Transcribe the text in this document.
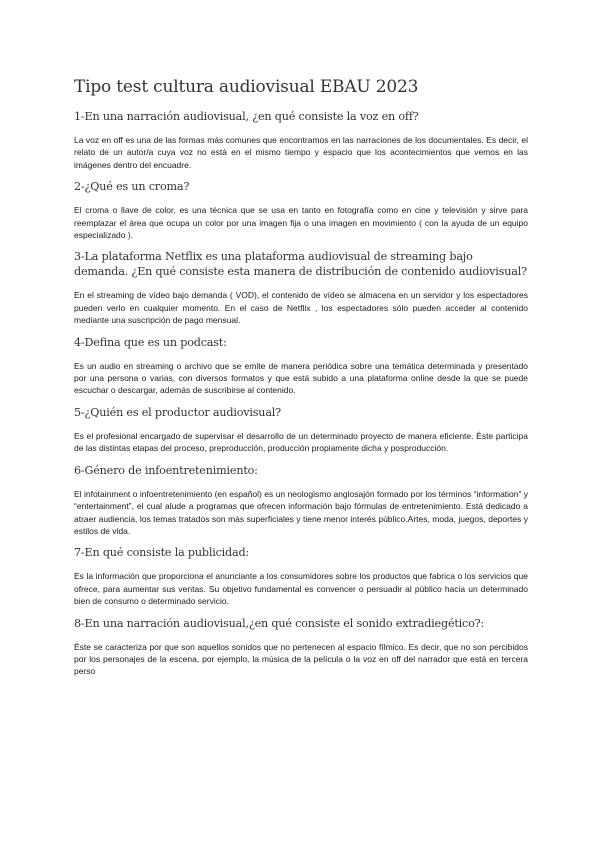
Tipo test cultura audiovisual EBAU 2023
1-En una narración audiovisual, ¿en qué consiste la voz en off?

La voz en off es una de las formas más comunes que encontramos en las narraciones de los documentales. Es decir, el relato de un autor/a cuya voz no está en el mismo tiempo y espacio que los acontecimientos que vemos en las imágenes dentro del encuadre.

2-¿Qué es un croma?

El croma o llave de color, es una técnica que se usa en tanto en fotografía como en cine y televisión y sirve para reemplazar el área que ocupa un color por una imagen fija o una imagen en movimiento ( con la ayuda de un equipo especializado ).

3-La plataforma Netflix es una plataforma audiovisual de streaming bajo demanda. ¿En qué consiste esta manera de distribución de contenido audiovisual?

En el streaming de vídeo bajo demanda ( VOD), el contenido de vídeo se almacena en un servidor y los espectadores pueden verlo en cualquier momento. En el caso de Netflix , los espectadores sólo pueden acceder al contenido mediante una suscripción de pago mensual.

4-Defina que es un podcast:

Es un audio en streaming o archivo que se emite de manera periódica sobre una temática determinada y presentado por una persona o varias, con diversos formatos y que está subido a una plataforma online desde la que se puede escuchar o descargar, además de suscribirse al contenido.

5-¿Quién es el productor audiovisual?

Es el profesional encargado de supervisar el desarrollo de un determinado proyecto de manera eficiente. Éste participa de las distintas etapas del proceso, preproducción, producción propiamente dicha y posproducción.

6-Género de infoentretenimiento:

El infotainment o infoentretenimiento (en español) es un neologismo anglosajón formado por los términos “information” y “entertainment”, el cual alude a programas que ofrecen información bajo fórmulas de entretenimiento. Está dedicado a atraer audiencia, los temas tratados son más superficiales y tiene menor interés público.Artes, moda, juegos, deportes y estilos de vida.

7-En qué consiste la publicidad:

Es la información que proporciona el anunciante a los consumidores sobre los productos que fabrica o los servicios que ofrece, para aumentar sus ventas. Su objetivo fundamental es convencer o persuadir al público hacia un determinado bien de consumo o determinado servicio.

8-En una narración audiovisual,¿en qué consiste el sonido extradiegético?:

Éste se caracteriza por que son aquellos sonidos que no pertenecen al espacio fílmico. Es decir, que no son percibidos por los personajes de la escena, por ejemplo, la música de la película o la voz en off del narrador que está en tercera perso
